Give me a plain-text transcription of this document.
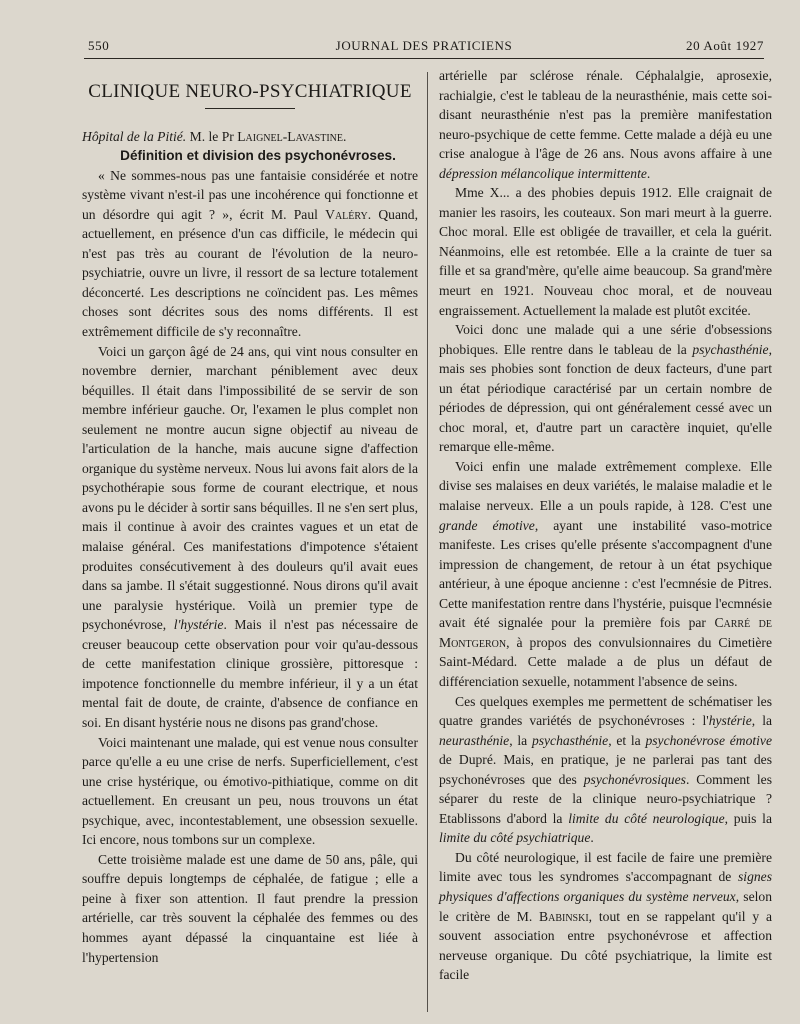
550	JOURNAL DES PRATICIENS	20 Août 1927
CLINIQUE NEURO-PSYCHIATRIQUE

Hôpital de la Pitié. M. le Pr Laignel-Lavastine.

Définition et division des psychonévroses.

« Ne sommes-nous pas une fantaisie considérée et notre système vivant n'est-il pas une incohérence qui fonctionne et un désordre qui agit ? », écrit M. Paul Valéry. Quand, actuellement, en présence d'un cas difficile, le médecin qui n'est pas très au courant de l'évolution de la neuro-psychiatrie, ouvre un livre, il ressort de sa lecture totalement déconcerté. Les descriptions ne coïncident pas. Les mêmes choses sont décrites sous des noms différents. Il est extrêmement difficile de s'y reconnaître.

Voici un garçon âgé de 24 ans, qui vint nous consulter en novembre dernier, marchant péniblement avec deux béquilles. Il était dans l'impossibilité de se servir de son membre inférieur gauche. Or, l'examen le plus complet non seulement ne montre aucun signe objectif au niveau de l'articulation de la hanche, mais aucune signe d'affection organique du système nerveux. Nous lui avons fait alors de la psychothérapie sous forme de courant electrique, et nous avons pu le décider à sortir sans béquilles. Il ne s'en sert plus, mais il continue à avoir des craintes vagues et un etat de malaise général. Ces manifestations d'impotence s'étaient produites consécutivement à des douleurs qu'il avait eues dans sa jambe. Il s'était suggestionné. Nous dirons qu'il avait une paralysie hystérique. Voilà un premier type de psychonévrose, l'hystérie. Mais il n'est pas nécessaire de creuser beaucoup cette observation pour voir qu'au-dessous de cette manifestation clinique grossière, pittoresque : impotence fonctionnelle du membre inférieur, il y a un état mental fait de doute, de crainte, d'absence de confiance en soi. En disant hystérie nous ne disons pas grand'chose.

Voici maintenant une malade, qui est venue nous consulter parce qu'elle a eu une crise de nerfs. Superficiellement, c'est une crise hystérique, ou émotivo-pithiatique, comme on dit actuellement. En creusant un peu, nous trouvons un état psychique, avec, incontestablement, une obsession sexuelle. Ici encore, nous tombons sur un complexe.

Cette troisième malade est une dame de 50 ans, pâle, qui souffre depuis longtemps de céphalée, de fatigue ; elle a peine à fixer son attention. Il faut prendre la pression artérielle, car très souvent la céphalée des femmes ou des hommes ayant dépassé la cinquantaine est liée à l'hypertension

artérielle par sclérose rénale. Céphalalgie, aprosexie, rachialgie, c'est le tableau de la neurasthénie, mais cette soi-disant neurasthénie n'est pas la première manifestation neuro-psychique de cette femme. Cette malade a déjà eu une crise analogue à l'âge de 26 ans. Nous avons affaire à une dépression mélancolique intermittente.

Mme X... a des phobies depuis 1912. Elle craignait de manier les rasoirs, les couteaux. Son mari meurt à la guerre. Choc moral. Elle est obligée de travailler, et cela la guérit. Néanmoins, elle est retombée. Elle a la crainte de tuer sa fille et sa grand'mère, qu'elle aime beaucoup. Sa grand'mère meurt en 1921. Nouveau choc moral, et de nouveau engraissement. Actuellement la malade est plutôt excitée.

Voici donc une malade qui a une série d'obsessions phobiques. Elle rentre dans le tableau de la psychasthénie, mais ses phobies sont fonction de deux facteurs, d'une part un état périodique caractérisé par un certain nombre de périodes de dépression, qui ont généralement cessé avec un choc moral, et, d'autre part un caractère inquiet, qu'elle remarque elle-même.

Voici enfin une malade extrêmement complexe. Elle divise ses malaises en deux variétés, le malaise maladie et le malaise nerveux. Elle a un pouls rapide, à 128. C'est une grande émotive, ayant une instabilité vaso-motrice manifeste. Les crises qu'elle présente s'accompagnent d'une impression de changement, de retour à un état psychique antérieur, à une époque ancienne : c'est l'ecmnésie de Pitres. Cette manifestation rentre dans l'hystérie, puisque l'ecmnésie avait été signalée pour la première fois par Carré de Montgeron, à propos des convulsionnaires du Cimetière Saint-Médard. Cette malade a de plus un défaut de différenciation sexuelle, notamment l'absence de seins.

Ces quelques exemples me permettent de schématiser les quatre grandes variétés de psychonévroses : l'hystérie, la neurasthénie, la psychasthénie, et la psychonévrose émotive de Dupré. Mais, en pratique, je ne parlerai pas tant des psychonévroses que des psychonévrosiques. Comment les séparer du reste de la clinique neuro-psychiatrique ? Etablissons d'abord la limite du côté neurologique, puis la limite du côté psychiatrique.

Du côté neurologique, il est facile de faire une première limite avec tous les syndromes s'accompagnant de signes physiques d'affections organiques du système nerveux, selon le critère de M. Babinski, tout en se rappelant qu'il y a souvent association entre psychonévrose et affection nerveuse organique. Du côté psychiatrique, la limite est facile
